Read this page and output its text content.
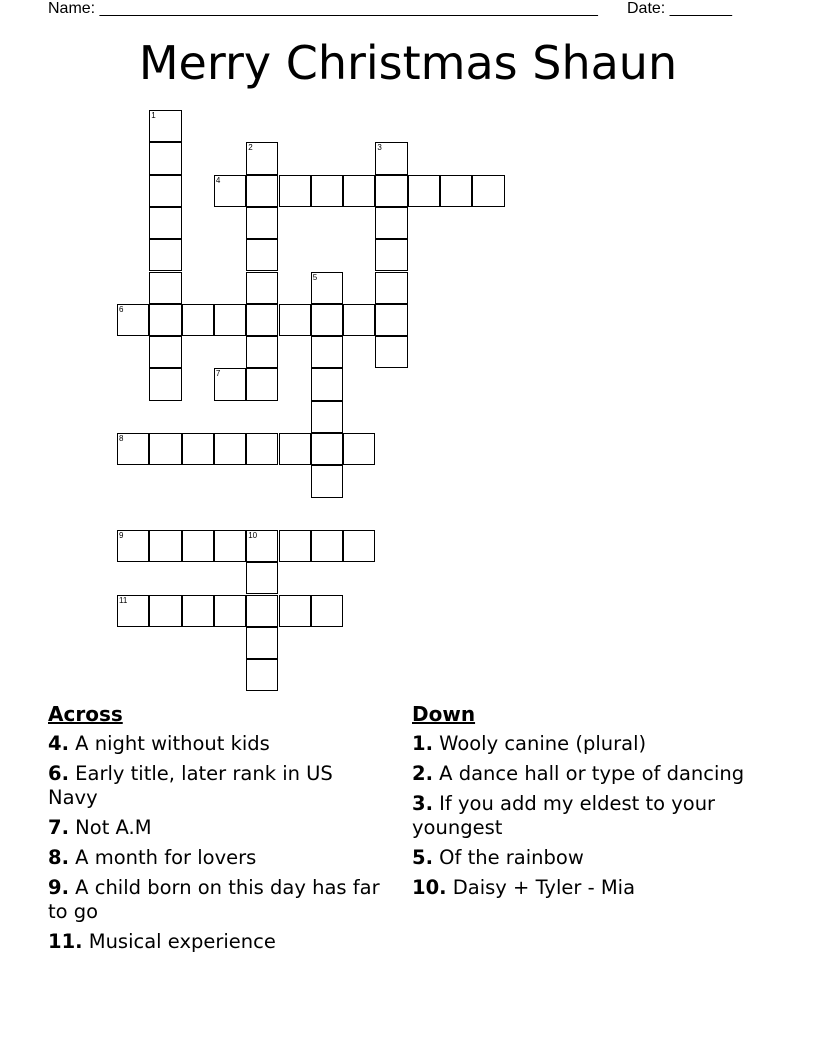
Name: ________________________________________________________ Date: _______
Merry Christmas Shaun
1
2	3
4
5
6
7
8
9	10
11
Across
4. A night without kids
6. Early title, later rank in US Navy
7. Not A.M
8. A month for lovers
9. A child born on this day has far to go
11. Musical experience
Down
1. Wooly canine (plural)
2. A dance hall or type of dancing
3. If you add my eldest to your youngest
5. Of the rainbow
10. Daisy + Tyler - Mia
